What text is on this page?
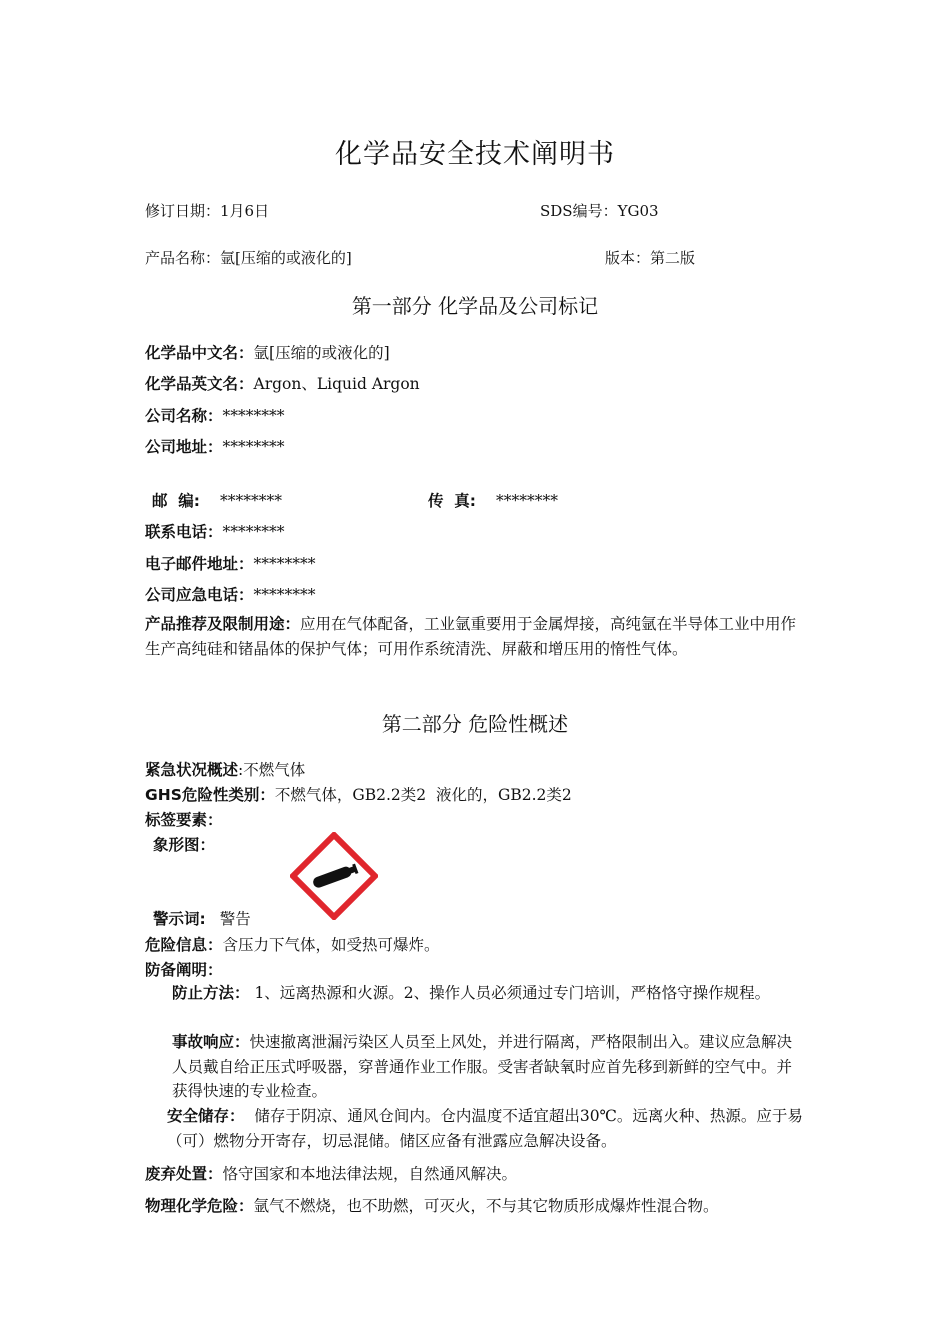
化学品安全技术阐明书
修订日期：1月6日	SDS编号：YG03
产品名称：氩[压缩的或液化的]	版本：第二版
第一部分 化学品及公司标记
化学品中文名：氩[压缩的或液化的]
化学品英文名：Argon、Liquid Argon
公司名称：********
公司地址：********
邮  编: ********	传  真: ********
联系电话：********
电子邮件地址：********
公司应急电话：********
产品推荐及限制用途：应用在气体配备，工业氩重要用于金属焊接，高纯氩在半导体工业中用作生产高纯硅和锗晶体的保护气体；可用作系统清洗、屏蔽和增压用的惰性气体。
第二部分 危险性概述
紧急状况概述:不燃气体
GHS危险性类别：不燃气体，GB2.2类2  液化的，GB2.2类2
标签要素：
象形图：
警示词: 警告
危险信息：含压力下气体，如受热可爆炸。
防备阐明：
防止方法： 1、远离热源和火源。2、操作人员必须通过专门培训，严格恪守操作规程。
事故响应：快速撤离泄漏污染区人员至上风处，并进行隔离，严格限制出入。建议应急解决人员戴自给正压式呼吸器，穿普通作业工作服。受害者缺氧时应首先移到新鲜的空气中。并获得快速的专业检查。
安全储存：  储存于阴凉、通风仓间内。仓内温度不适宜超出30℃。远离火种、热源。应于易（可）燃物分开寄存，切忌混储。储区应备有泄露应急解决设备。
废弃处置：恪守国家和本地法律法规，自然通风解决。
物理化学危险：氩气不燃烧，也不助燃，可灭火，不与其它物质形成爆炸性混合物。
